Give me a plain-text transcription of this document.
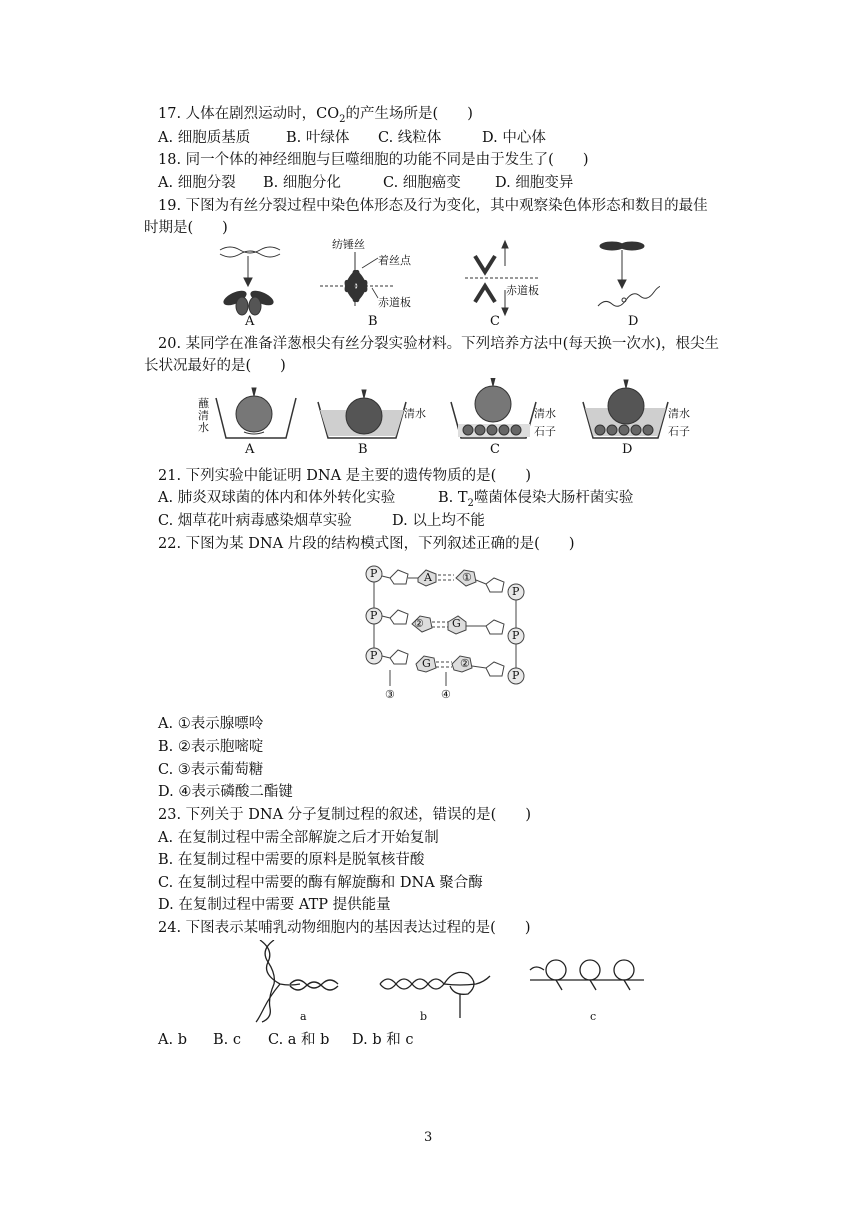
17. 人体在剧烈运动时，$CO_2$的产生场所是(　　)
A. 细胞质基质 B. 叶绿体 C. 线粒体	D. 中心体
18. 同一个体的神经细胞与巨噬细胞的功能不同是由于发生了(　　)
A. 细胞分裂 B. 细胞分化	C. 细胞癌变 D. 细胞变异
19. 下图为有丝分裂过程中染色体形态及行为变化，其中观察染色体形态和数目的最佳
时期是(　　)
纺锤丝
着丝点
赤道板
赤道板
A	B	C	D
20. 某同学在准备洋葱根尖有丝分裂实验材料。下列培养方法中(每天换一次水)，根尖生
长状况最好的是(　　)
蘸
清
水
清水	清水
石子
清水
石子
A	B	C	D
21. 下列实验中能证明 DNA 是主要的遗传物质的是(　　)
A. 肺炎双球菌的体内和体外转化实验	B. $T_2$噬菌体侵染大肠杆菌实验
C. 烟草花叶病毒感染烟草实验	D. 以上均不能
22. 下图为某 DNA 片段的结构模式图，下列叙述正确的是(　　)
P
P
P
P
P
P
A	①
②	G
G	②
③	④
A. ①表示腺嘌呤
B. ②表示胞嘧啶
C. ③表示葡萄糖
D. ④表示磷酸二酯键
23. 下列关于 DNA 分子复制过程的叙述，错误的是(　　)
A. 在复制过程中需全部解旋之后才开始复制
B. 在复制过程中需要的原料是脱氧核苷酸
C. 在复制过程中需要的酶有解旋酶和 DNA 聚合酶
D. 在复制过程中需要 ATP 提供能量
24. 下图表示某哺乳动物细胞内的基因表达过程的是(　　)
a	b	c
A. b B. c C. a 和 b D. b 和 c
3
